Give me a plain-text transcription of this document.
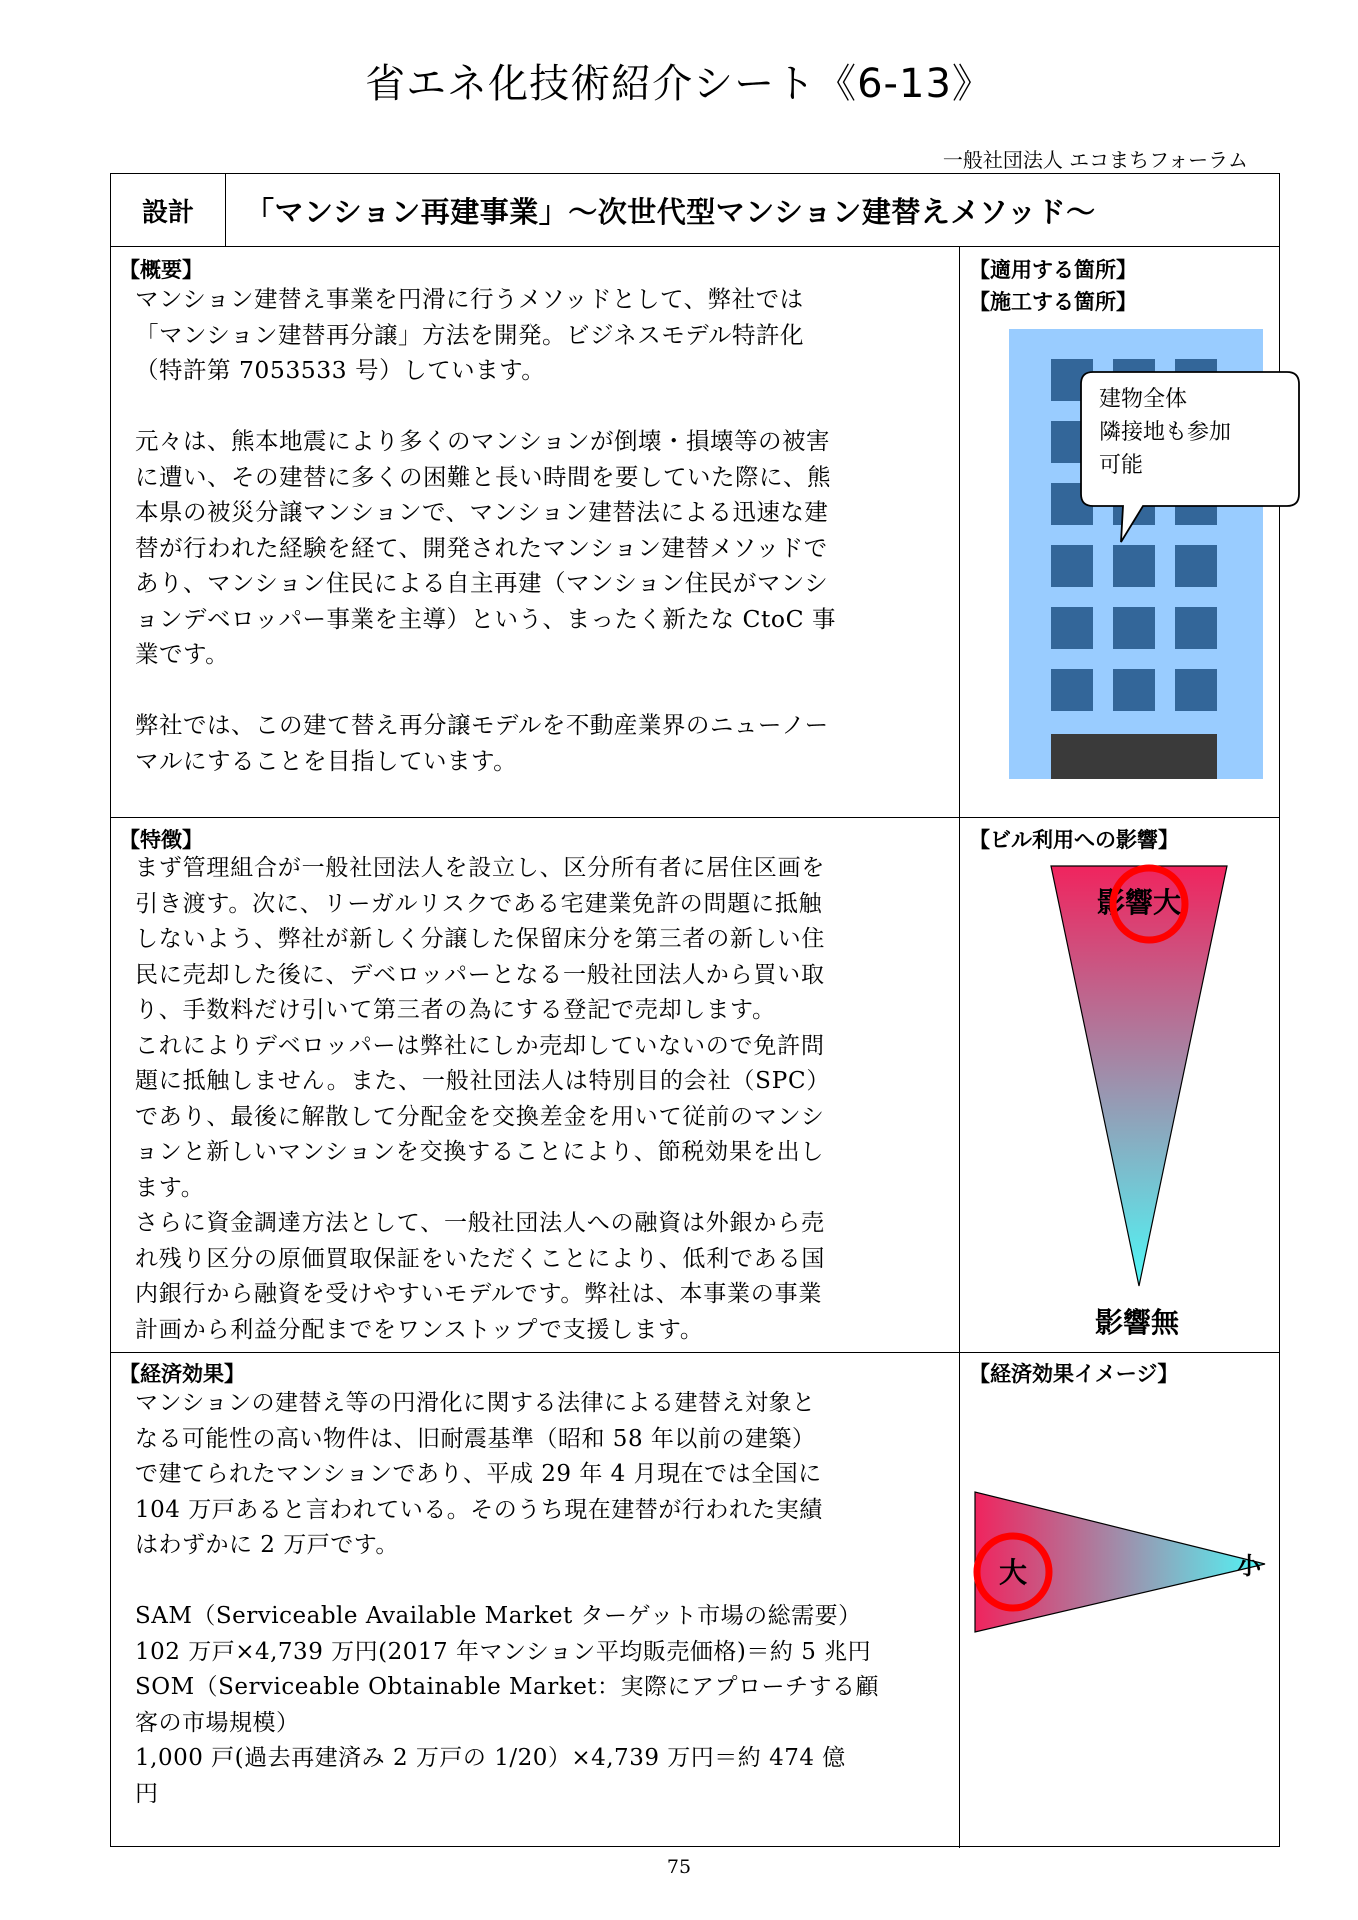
省エネ化技術紹介シート《6-13》
一般社団法人 エコまちフォーラム
設計	「マンション再建事業」～次世代型マンション建替えメソッド～
【概要】
マンション建替え事業を円滑に行うメソッドとして、弊社では
「マンション建替再分譲」方法を開発。ビジネスモデル特許化
（特許第 7053533 号）しています。

元々は、熊本地震により多くのマンションが倒壊・損壊等の被害
に遭い、その建替に多くの困難と長い時間を要していた際に、熊
本県の被災分譲マンションで、マンション建替法による迅速な建
替が行われた経験を経て、開発されたマンション建替メソッドで
あり、マンション住民による自主再建（マンション住民がマンシ
ョンデベロッパー事業を主導）という、まったく新たな CtoC 事
業です。

弊社では、この建て替え再分譲モデルを不動産業界のニューノー
マルにすることを目指しています。
【適用する箇所】
【施工する箇所】
建物全体
隣接地も参加
可能
【特徴】
まず管理組合が一般社団法人を設立し、区分所有者に居住区画を
引き渡す。次に、リーガルリスクである宅建業免許の問題に抵触
しないよう、弊社が新しく分譲した保留床分を第三者の新しい住
民に売却した後に、デベロッパーとなる一般社団法人から買い取
り、手数料だけ引いて第三者の為にする登記で売却します。
これによりデベロッパーは弊社にしか売却していないので免許問
題に抵触しません。また、一般社団法人は特別目的会社（SPC）
であり、最後に解散して分配金を交換差金を用いて従前のマンシ
ョンと新しいマンションを交換することにより、節税効果を出し
ます。
さらに資金調達方法として、一般社団法人への融資は外銀から売
れ残り区分の原価買取保証をいただくことにより、低利である国
内銀行から融資を受けやすいモデルです。弊社は、本事業の事業
計画から利益分配までをワンストップで支援します。
【ビル利用への影響】
影響大
影響無
【経済効果】
マンションの建替え等の円滑化に関する法律による建替え対象と
なる可能性の高い物件は、旧耐震基準（昭和 58 年以前の建築）
で建てられたマンションであり、平成 29 年 4 月現在では全国に
104 万戸あると言われている。そのうち現在建替が行われた実績
はわずかに 2 万戸です。

SAM（Serviceable Available Market ターゲット市場の総需要）
102 万戸×4,739 万円(2017 年マンション平均販売価格)＝約 5 兆円
SOM（Serviceable Obtainable Market：実際にアプローチする顧
客の市場規模）
1,000 戸(過去再建済み 2 万戸の 1/20）×4,739 万円＝約 474 億
円
【経済効果イメージ】
大	小
75
